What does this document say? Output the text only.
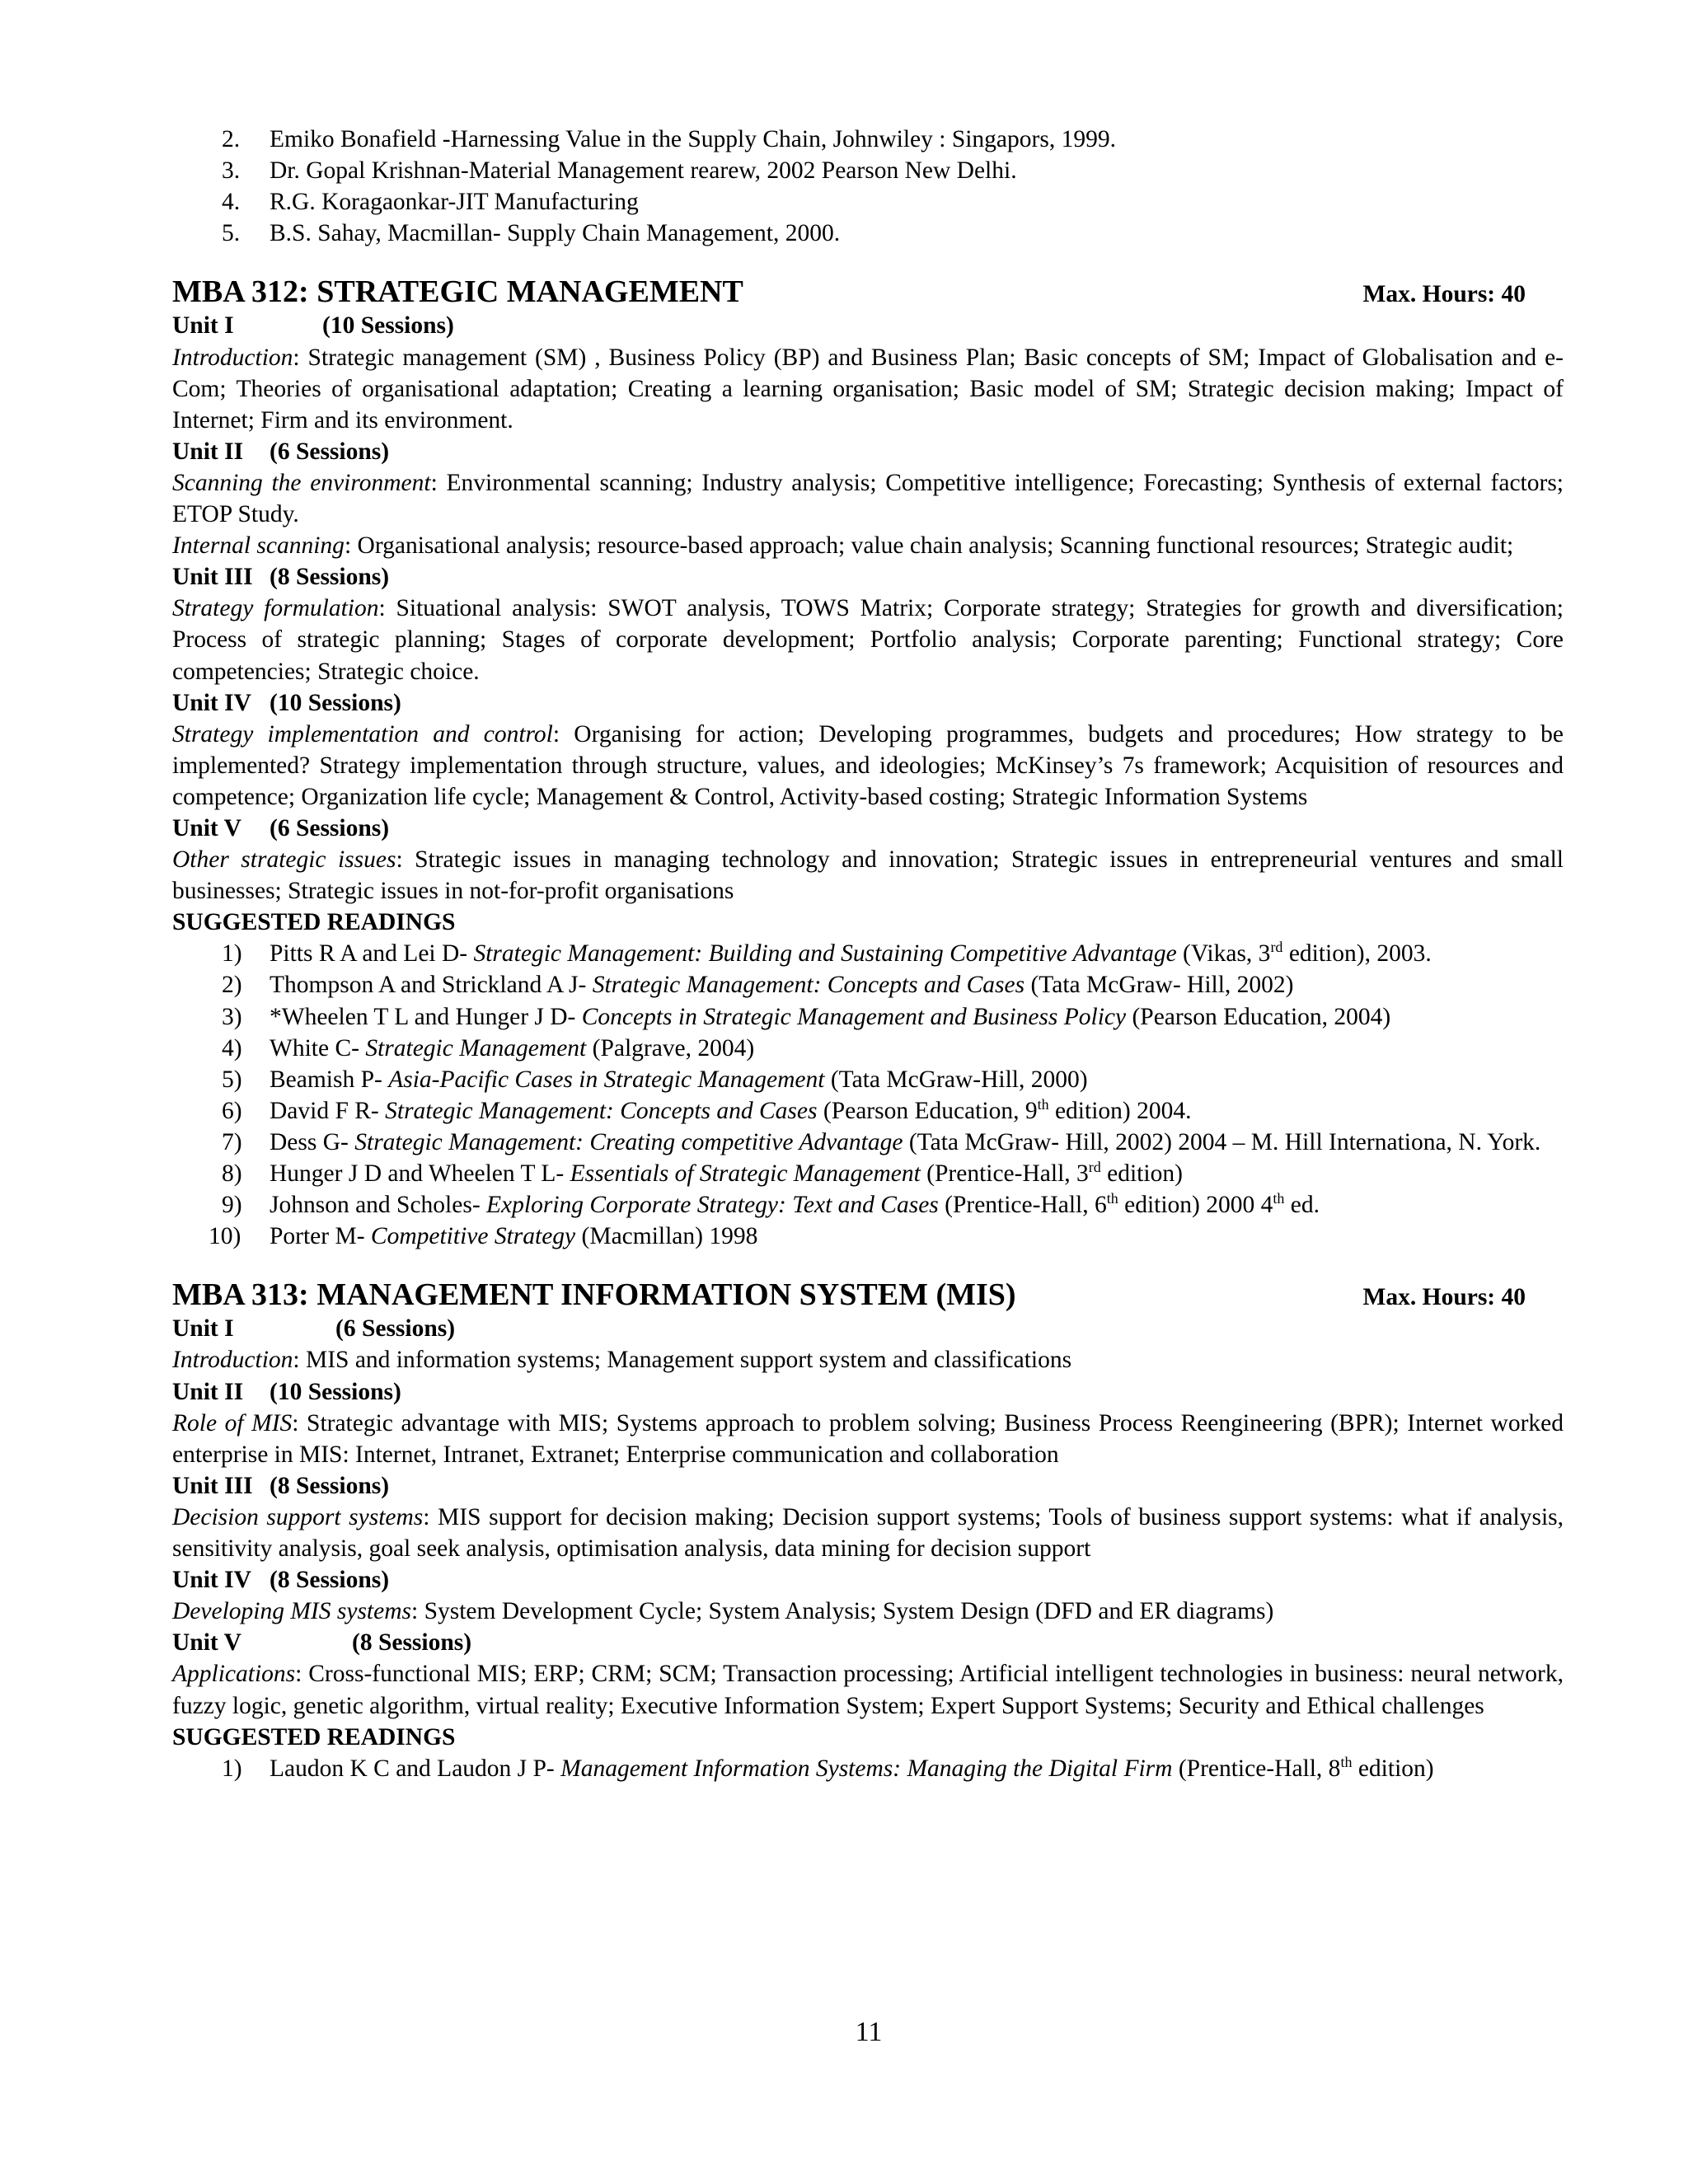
2.	Emiko Bonafield -Harnessing Value in the Supply Chain, Johnwiley : Singapors, 1999.
3.	Dr. Gopal Krishnan-Material Management rearew, 2002 Pearson New Delhi.
4.	R.G. Koragaonkar-JIT Manufacturing
5.	B.S. Sahay, Macmillan- Supply Chain Management, 2000.
MBA 312: STRATEGIC MANAGEMENT	Max. Hours: 40
Unit I	(10 Sessions)

Introduction: Strategic management (SM) , Business Policy (BP) and Business Plan; Basic concepts of SM; Impact of Globalisation and e-Com; Theories of organisational adaptation; Creating a learning organisation; Basic model of SM; Strategic decision making; Impact of Internet; Firm and its environment.

Unit II (6 Sessions)

Scanning the environment: Environmental scanning; Industry analysis; Competitive intelligence; Forecasting; Synthesis of external factors; ETOP Study.

Internal scanning: Organisational analysis; resource-based approach; value chain analysis; Scanning functional resources; Strategic audit;

Unit III (8 Sessions)

Strategy formulation: Situational analysis: SWOT analysis, TOWS Matrix; Corporate strategy; Strategies for growth and diversification; Process of strategic planning; Stages of corporate development; Portfolio analysis; Corporate parenting; Functional strategy; Core competencies; Strategic choice.

Unit IV (10 Sessions)

Strategy implementation and control: Organising for action; Developing programmes, budgets and procedures; How strategy to be implemented? Strategy implementation through structure, values, and ideologies; McKinsey’s 7s framework; Acquisition of resources and competence; Organization life cycle; Management & Control, Activity-based costing; Strategic Information Systems

Unit V (6 Sessions)

Other strategic issues: Strategic issues in managing technology and innovation; Strategic issues in entrepreneurial ventures and small businesses; Strategic issues in not-for-profit organisations

SUGGESTED READINGS
1)	Pitts R A and Lei D- Strategic Management: Building and Sustaining Competitive Advantage (Vikas, 3rd edition), 2003.
2)	Thompson A and Strickland A J- Strategic Management: Concepts and Cases (Tata McGraw- Hill, 2002)
3)	*Wheelen T L and Hunger J D- Concepts in Strategic Management and Business Policy (Pearson Education, 2004)
4)	White C- Strategic Management (Palgrave, 2004)
5)	Beamish P- Asia-Pacific Cases in Strategic Management (Tata McGraw-Hill, 2000)
6)	David F R- Strategic Management: Concepts and Cases (Pearson Education, 9th edition) 2004.
7)	Dess G- Strategic Management: Creating competitive Advantage (Tata McGraw- Hill, 2002) 2004 – M. Hill Internationa, N. York.
8)	Hunger J D and Wheelen T L- Essentials of Strategic Management (Prentice-Hall, 3rd edition)
9)	Johnson and Scholes- Exploring Corporate Strategy: Text and Cases (Prentice-Hall, 6th edition) 2000 4th ed.
10)	Porter M- Competitive Strategy (Macmillan) 1998
MBA 313: MANAGEMENT INFORMATION SYSTEM (MIS)	Max. Hours: 40
Unit I	(6 Sessions)

Introduction: MIS and information systems; Management support system and classifications

Unit II (10 Sessions)

Role of MIS: Strategic advantage with MIS; Systems approach to problem solving; Business Process Reengineering (BPR); Internet worked enterprise in MIS: Internet, Intranet, Extranet; Enterprise communication and collaboration

Unit III (8 Sessions)

Decision support systems: MIS support for decision making; Decision support systems; Tools of business support systems: what if analysis, sensitivity analysis, goal seek analysis, optimisation analysis, data mining for decision support

Unit IV (8 Sessions)

Developing MIS systems: System Development Cycle; System Analysis; System Design (DFD and ER diagrams)

Unit V	(8 Sessions)

Applications: Cross-functional MIS; ERP; CRM; SCM; Transaction processing; Artificial intelligent technologies in business: neural network, fuzzy logic, genetic algorithm, virtual reality; Executive Information System; Expert Support Systems; Security and Ethical challenges

SUGGESTED READINGS
1)	Laudon K C and Laudon J P- Management Information Systems: Managing the Digital Firm (Prentice-Hall, 8th edition)
11
